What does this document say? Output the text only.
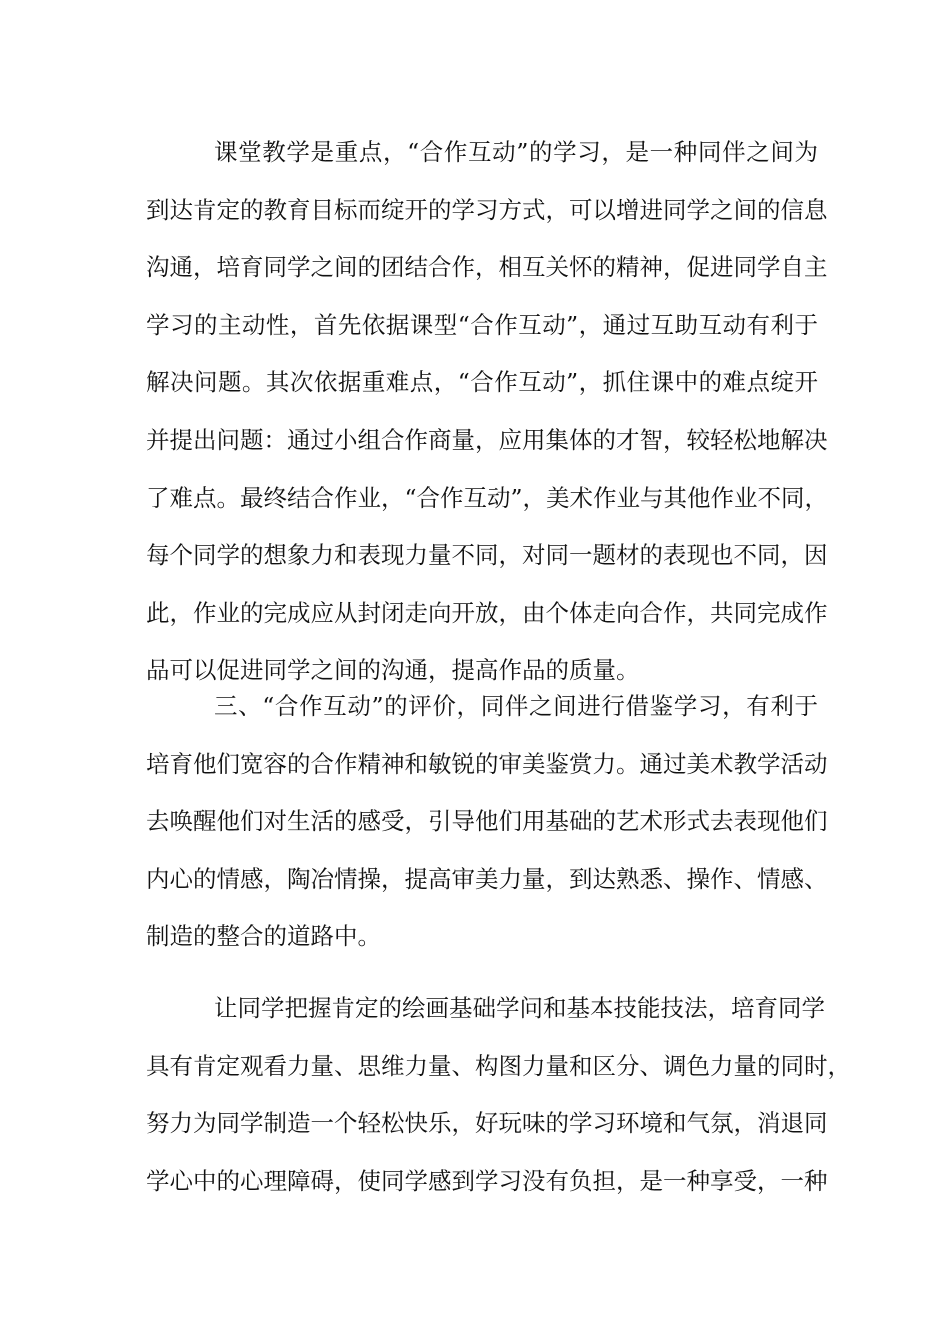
课堂教学是重点，“合作互动”的学习，是一种同伴之间为
到达肯定的教育目标而绽开的学习方式，可以增进同学之间的信息
沟通，培育同学之间的团结合作，相互关怀的精神，促进同学自主
学习的主动性，首先依据课型“合作互动”，通过互助互动有利于
解决问题。其次依据重难点，“合作互动”，抓住课中的难点绽开
并提出问题：通过小组合作商量，应用集体的才智，较轻松地解决
了难点。最终结合作业，“合作互动”，美术作业与其他作业不同，
每个同学的想象力和表现力量不同，对同一题材的表现也不同，因
此，作业的完成应从封闭走向开放，由个体走向合作，共同完成作
品可以促进同学之间的沟通，提高作品的质量。
三、“合作互动”的评价，同伴之间进行借鉴学习，有利于
培育他们宽容的合作精神和敏锐的审美鉴赏力。通过美术教学活动
去唤醒他们对生活的感受，引导他们用基础的艺术形式去表现他们
内心的情感，陶冶情操，提高审美力量，到达熟悉、操作、情感、
制造的整合的道路中。
让同学把握肯定的绘画基础学问和基本技能技法，培育同学
具有肯定观看力量、思维力量、构图力量和区分、调色力量的同时，
努力为同学制造一个轻松快乐，好玩味的学习环境和气氛，消退同
学心中的心理障碍，使同学感到学习没有负担，是一种享受，一种
